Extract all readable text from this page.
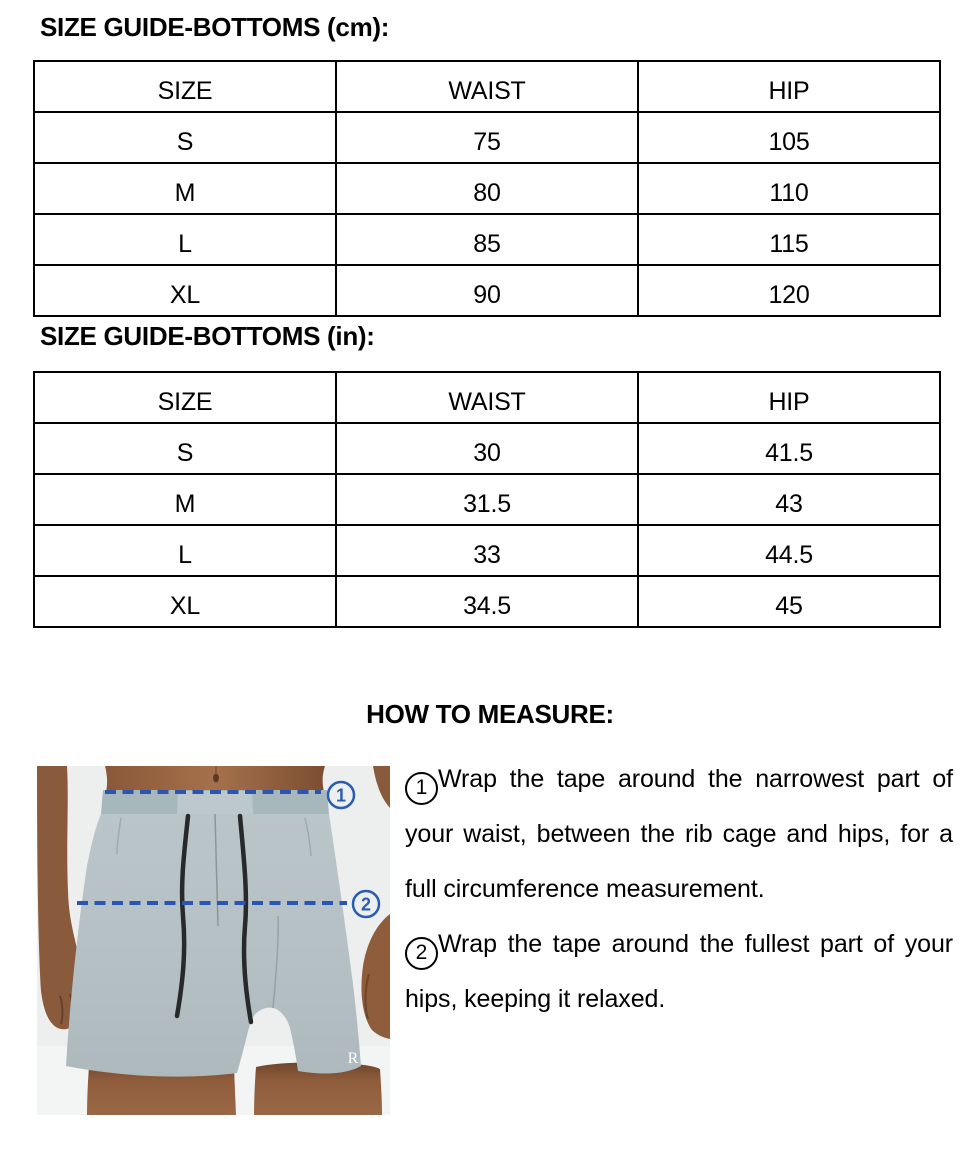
SIZE GUIDE-BOTTOMS (cm):
SIZE	WAIST	HIP
S	75	105
M	80	110
L	85	115
XL	90	120
SIZE GUIDE-BOTTOMS (in):
SIZE	WAIST	HIP
S	30	41.5
M	31.5	43
L	33	44.5
XL	34.5	45
HOW TO MEASURE:
R
1
2

1 Wrap the tape around the narrowest part of your waist, between the rib cage and hips, for a full circumference measurement.

2 Wrap the tape around the fullest part of your hips, keeping it relaxed.
